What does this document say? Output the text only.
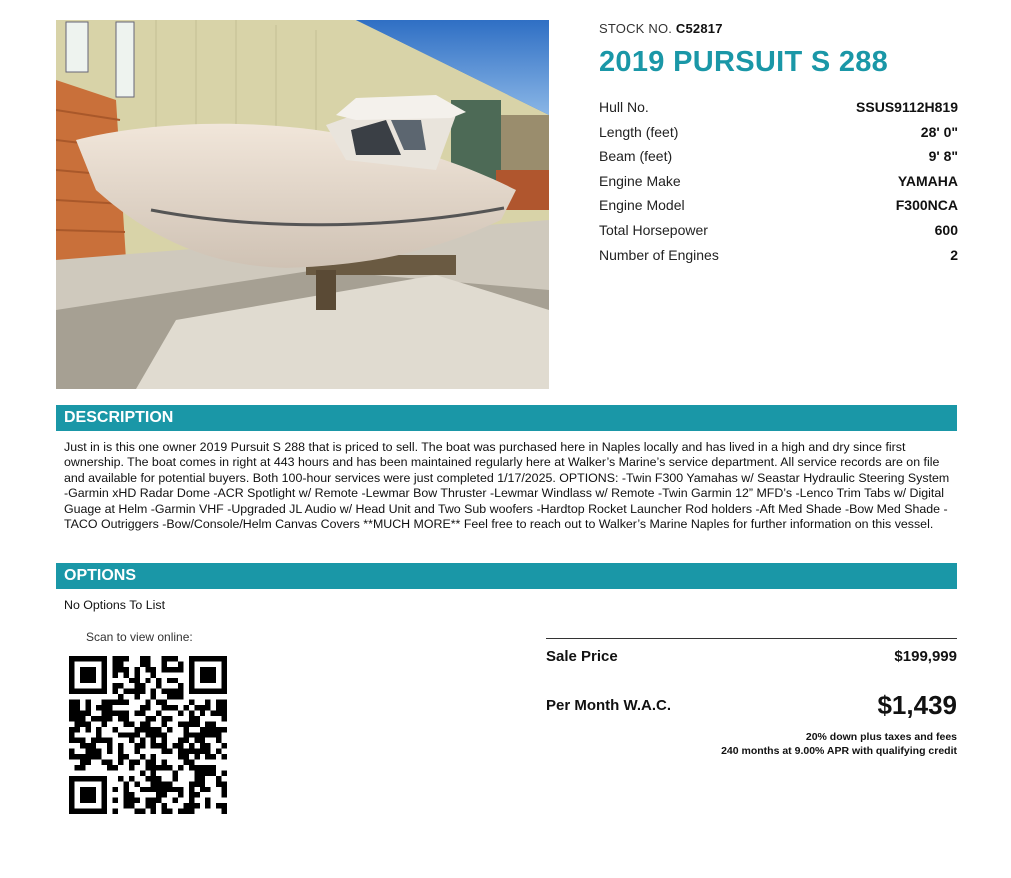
STOCK NO. C52817
2019 PURSUIT S 288
Hull No.	SSUS9112H819
Length (feet)	28' 0"
Beam (feet)	9' 8"
Engine Make	YAMAHA
Engine Model	F300NCA
Total Horsepower	600
Number of Engines	2
DESCRIPTION
Just in is this one owner 2019 Pursuit S 288 that is priced to sell. The boat was purchased here in Naples locally and has lived in a high and dry since first ownership. The boat comes in right at 443 hours and has been maintained regularly here at Walker’s Marine’s service department. All service records are on file and available for potential buyers. Both 100-hour services were just completed 1/17/2025. OPTIONS: -Twin F300 Yamahas w/ Seastar Hydraulic Steering System -Garmin xHD Radar Dome -ACR Spotlight w/ Remote -Lewmar Bow Thruster -Lewmar Windlass w/ Remote -Twin Garmin 12” MFD’s -Lenco Trim Tabs w/ Digital Guage at Helm -Garmin VHF -Upgraded JL Audio w/ Head Unit and Two Sub woofers -Hardtop Rocket Launcher Rod holders -Aft Med Shade -Bow Med Shade -TACO Outriggers -Bow/Console/Helm Canvas Covers **MUCH MORE** Feel free to reach out to Walker’s Marine Naples for further information on this vessel.
OPTIONS
No Options To List
Scan to view online:
Sale Price	$199,999
Per Month W.A.C.	$1,439
20% down plus taxes and fees
240 months at 9.00% APR with qualifying credit
